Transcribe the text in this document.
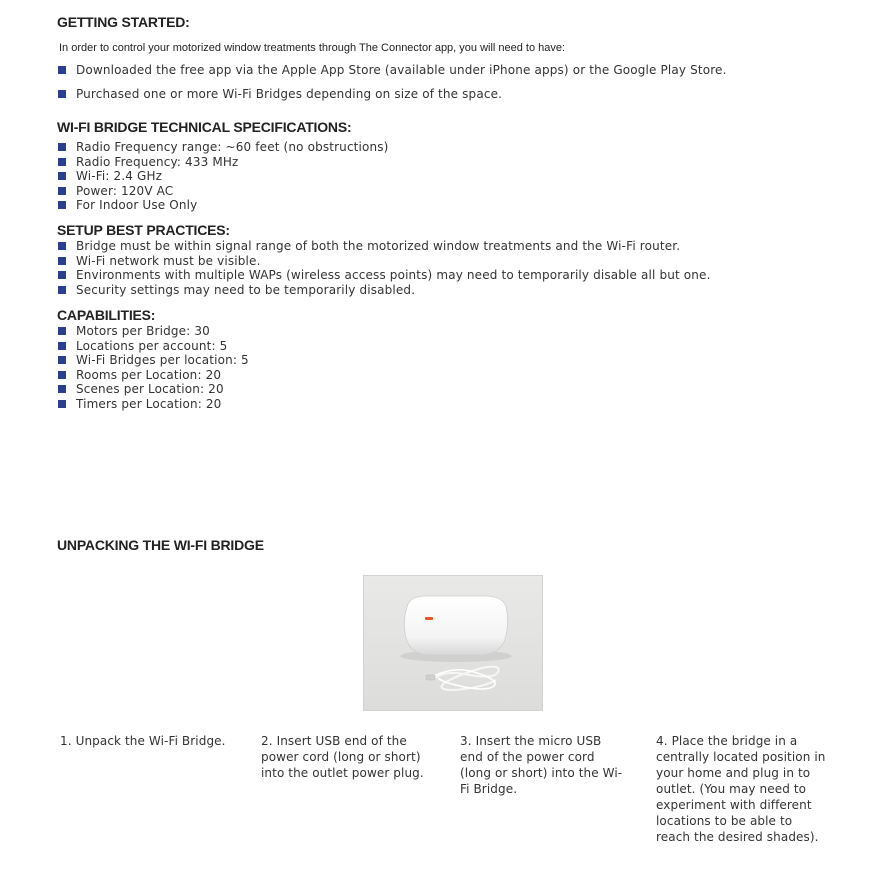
GETTING STARTED:

In order to control your motorized window treatments through The Connector app, you will need to have:

Downloaded the free app via the Apple App Store (available under iPhone apps) or the Google Play Store.
Purchased one or more Wi-Fi Bridges depending on size of the space.
WI-FI BRIDGE TECHNICAL SPECIFICATIONS:
Radio Frequency range: ~60 feet (no obstructions)
Radio Frequency: 433 MHz
Wi-Fi: 2.4 GHz
Power: 120V AC
For Indoor Use Only
SETUP BEST PRACTICES:
Bridge must be within signal range of both the motorized window treatments and the Wi-Fi router.
Wi-Fi network must be visible.
Environments with multiple WAPs (wireless access points) may need to temporarily disable all but one.
Security settings may need to be temporarily disabled.
CAPABILITIES:
Motors per Bridge: 30
Locations per account: 5
Wi-Fi Bridges per location: 5
Rooms per Location: 20
Scenes per Location: 20
Timers per Location: 20
UNPACKING THE WI-FI BRIDGE

1. Unpack the Wi-Fi Bridge.	2. Insert USB end of the power cord (long or short) into the outlet power plug.

3. Insert the micro USB end of the power cord (long or short) into the Wi-Fi Bridge.

4. Place the bridge in a centrally located position in your home and plug in to outlet. (You may need to experiment with different locations to be able to reach the desired shades).
